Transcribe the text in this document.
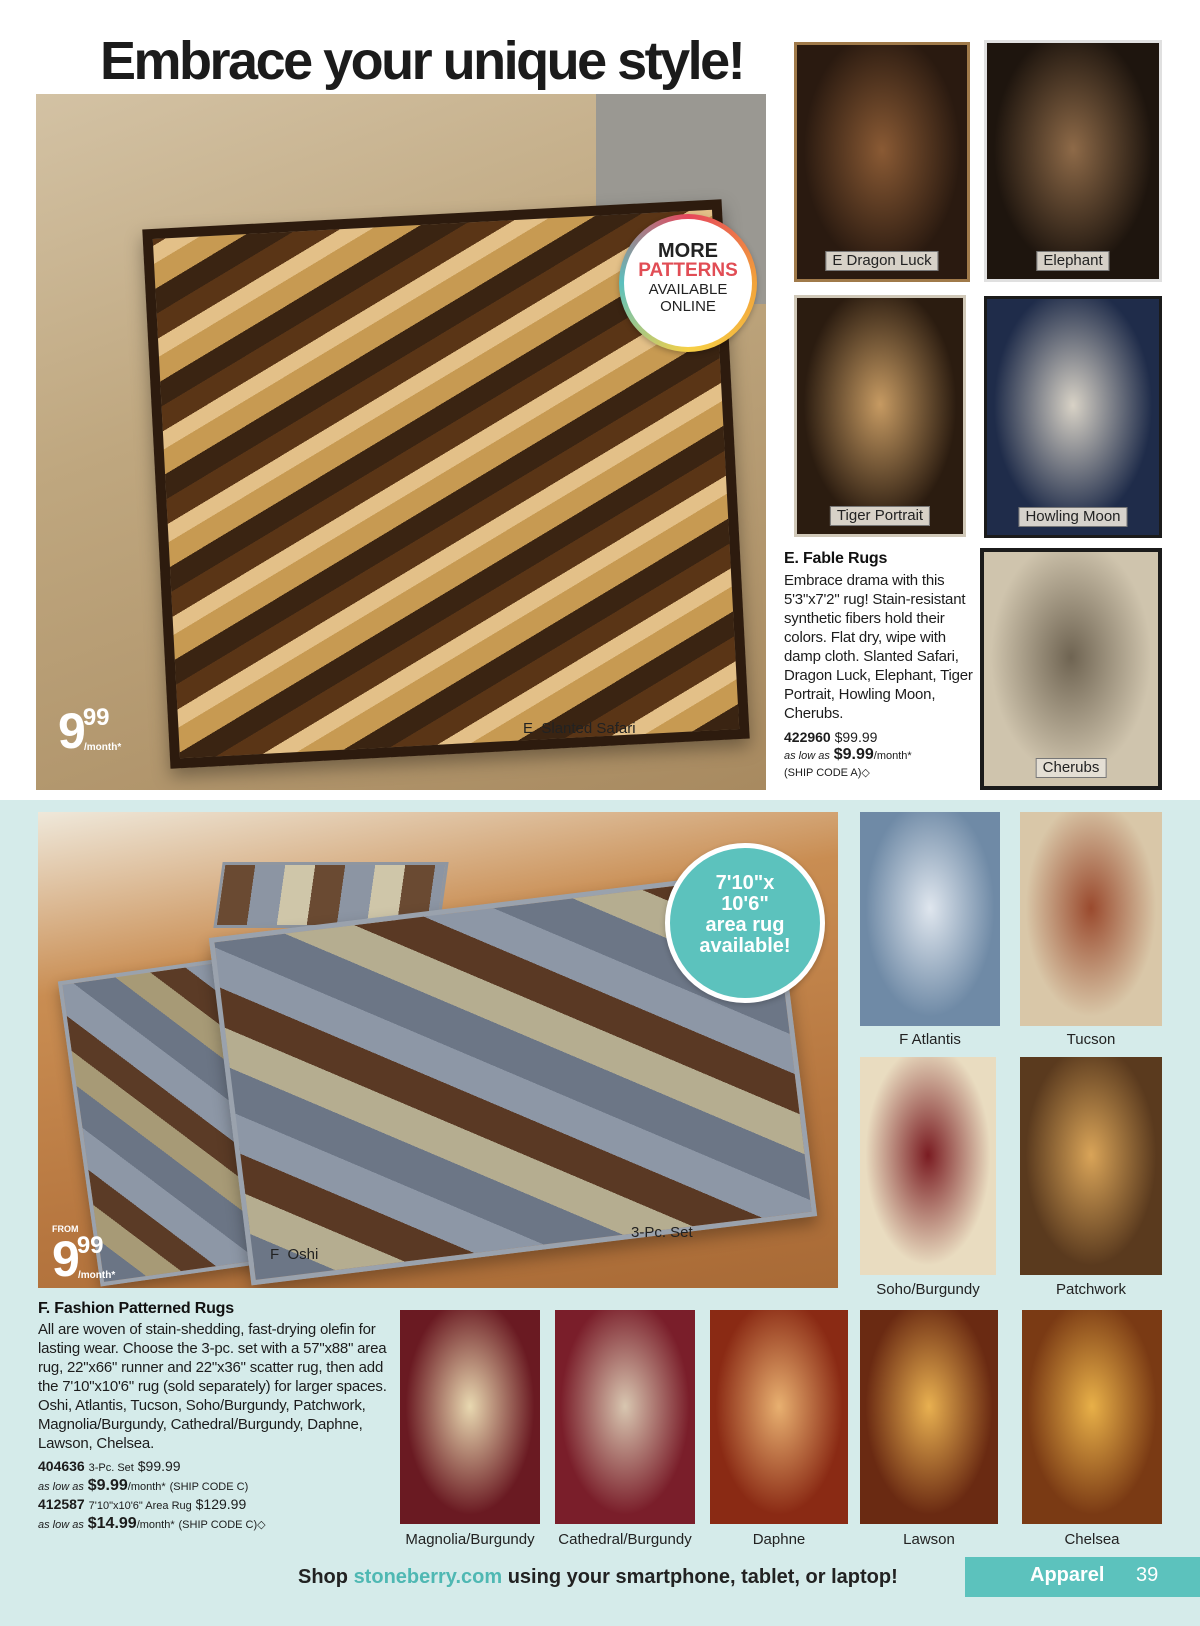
Embrace your unique style!
999
/month*
E Slanted Safari
MORE
PATTERNS
AVAILABLE
ONLINE
E Dragon Luck	Elephant
Tiger Portrait	Howling Moon
Cherubs
E. Fable Rugs
Embrace drama with this 5'3"x7'2" rug! Stain-resistant synthetic fibers hold their colors. Flat dry, wipe with damp cloth. Slanted Safari, Dragon Luck, Elephant, Tiger Portrait, Howling Moon, Cherubs.
422960 $99.99
as low as $9.99/month*
(SHIP CODE A)◇
FROM
999
/month*
F Oshi
3-Pc. Set
7'10"x
10'6"
area rug
available!
F Atlantis	Tucson
Soho/Burgundy	Patchwork
Magnolia/Burgundy	Cathedral/Burgundy	Daphne	Lawson	Chelsea
F. Fashion Patterned Rugs
All are woven of stain-shedding, fast-drying olefin for lasting wear. Choose the 3-pc. set with a 57"x88" area rug, 22"x66" runner and 22"x36" scatter rug, then add the 7'10"x10'6" rug (sold separately) for larger spaces. Oshi, Atlantis, Tucson, Soho/Burgundy, Patchwork, Magnolia/Burgundy, Cathedral/Burgundy, Daphne, Lawson, Chelsea.
404636 3-Pc. Set $99.99
as low as $9.99/month* (SHIP CODE C)
412587 7'10"x10'6" Area Rug $129.99
as low as $14.99/month* (SHIP CODE C)◇
Shop stoneberry.com using your smartphone, tablet, or laptop!	Apparel 39
